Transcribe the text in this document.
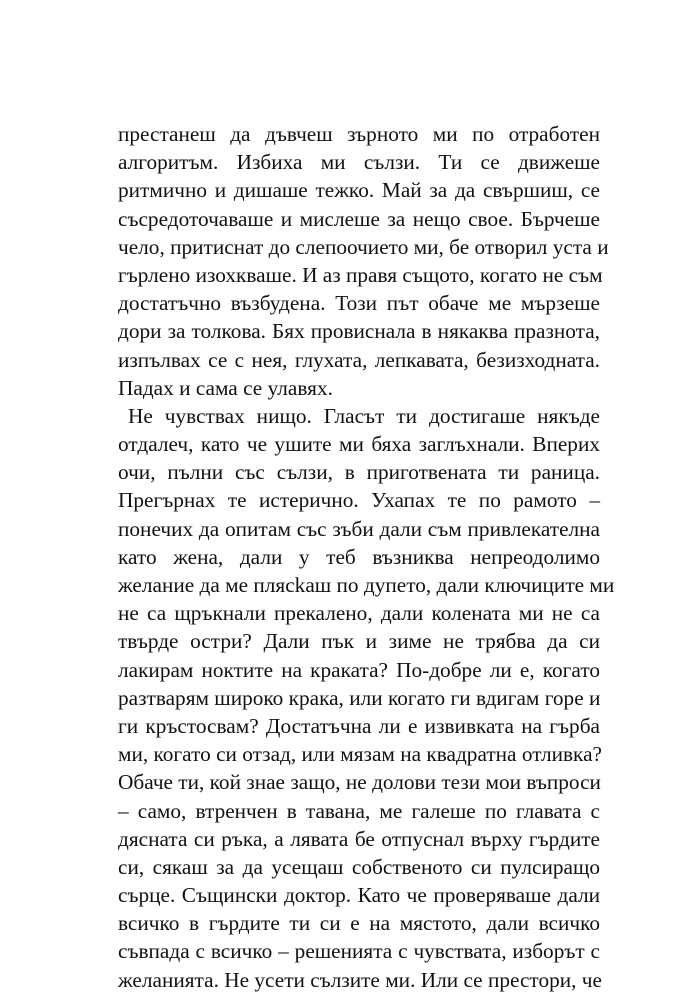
престанеш да дъвчеш зърното ми по отработен
алгоритъм. Избиха ми сълзи. Ти се движеше
ритмично и дишаше тежко. Май за да свършиш, се
съсредоточаваше и мислеше за нещо свое. Бърчеше
чело, притиснат до слепоочието ми, бе отворил уста и
гърлено изохкваше. И аз правя същото, когато не съм
достатъчно възбудена. Този път обаче ме мързеше
дори за толкова. Бях провиснала в някаква празнота,
изпълвах се с нея, глухата, лепкавата, безизходната.
Падах и сама се улавях.
Не чувствах нищо. Гласът ти достигаше някъде
отдалеч, като че ушите ми бяха заглъхнали. Вперих
очи, пълни със сълзи, в приготвената ти раница.
Прегърнах те истерично. Ухапах те по рамото –
понечих да опитам със зъби дали съм привлекателна
като жена, дали у теб възниква непреодолимо
желание да ме плясkaш по дупето, дали ключиците ми
не са щръкнали прекалено, дали колената ми не са
твърде остри? Дали пък и зиме не трябва да си
лакирам ноктите на краката? По-добре ли е, когато
разтварям широко крака, или когато ги вдигам горе и
ги кръстосвам? Достатъчна ли е извивката на гърба
ми, когато си отзад, или мязам на квадратна отливка?
Обаче ти, кой знае защо, не долови тези мои въпроси
– само, втренчен в тавана, ме галеше по главата с
дясната си ръка, а лявата бе отпуснал върху гърдите
си, сякаш за да усещаш собственото си пулсиращо
сърце. Същински доктор. Като че проверяваше дали
всичко в гърдите ти си е на мястото, дали всичко
съвпада с всичко – решенията с чувствата, изборът с
желанията. Не усети сълзите ми. Или се престори, че
